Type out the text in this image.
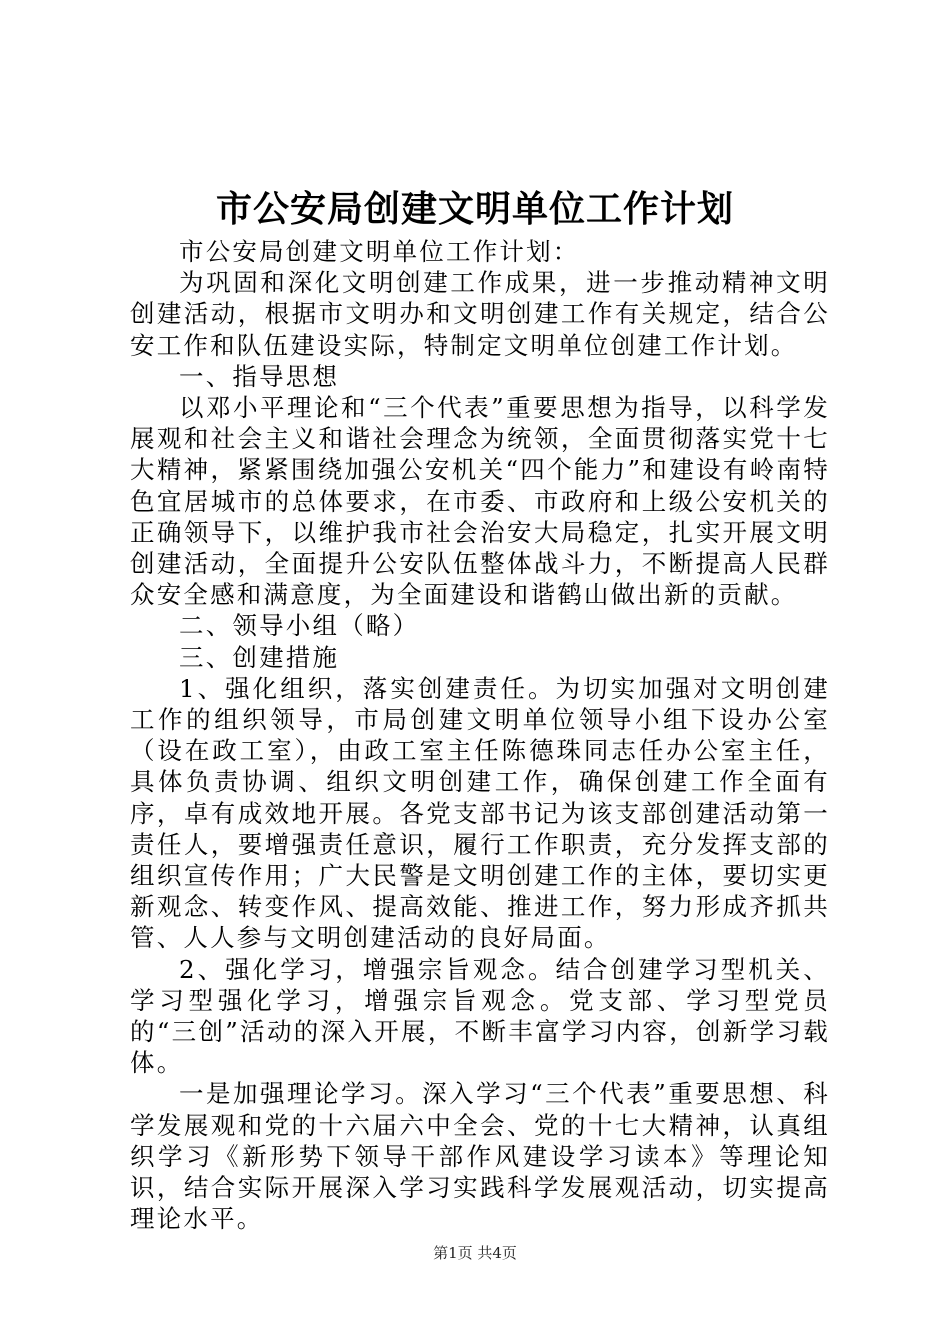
市公安局创建文明单位工作计划

市公安局创建文明单位工作计划：

为巩固和深化文明创建工作成果，进一步推动精神文明创建活动，根据市文明办和文明创建工作有关规定，结合公安工作和队伍建设实际，特制定文明单位创建工作计划。

一、指导思想

以邓小平理论和“三个代表”重要思想为指导，以科学发展观和社会主义和谐社会理念为统领，全面贯彻落实党十七大精神，紧紧围绕加强公安机关“四个能力”和建设有岭南特色宜居城市的总体要求，在市委、市政府和上级公安机关的正确领导下，以维护我市社会治安大局稳定，扎实开展文明创建活动，全面提升公安队伍整体战斗力，不断提高人民群众安全感和满意度，为全面建设和谐鹤山做出新的贡献。

二、领导小组（略）

三、创建措施

1、强化组织，落实创建责任。为切实加强对文明创建工作的组织领导，市局创建文明单位领导小组下设办公室（设在政工室），由政工室主任陈德珠同志任办公室主任，具体负责协调、组织文明创建工作，确保创建工作全面有序，卓有成效地开展。各党支部书记为该支部创建活动第一责任人，要增强责任意识，履行工作职责，充分发挥支部的组织宣传作用；广大民警是文明创建工作的主体，要切实更新观念、转变作风、提高效能、推进工作，努力形成齐抓共管、人人参与文明创建活动的良好局面。

2、强化学习，增强宗旨观念。结合创建学习型机关、学习型强化学习，增强宗旨观念。党支部、学习型党员的“三创”活动的深入开展，不断丰富学习内容，创新学习载体。

一是加强理论学习。深入学习“三个代表”重要思想、科学发展观和党的十六届六中全会、党的十七大精神，认真组织学习《新形势下领导干部作风建设学习读本》等理论知识，结合实际开展深入学习实践科学发展观活动，切实提高理论水平。

第1页 共4页
